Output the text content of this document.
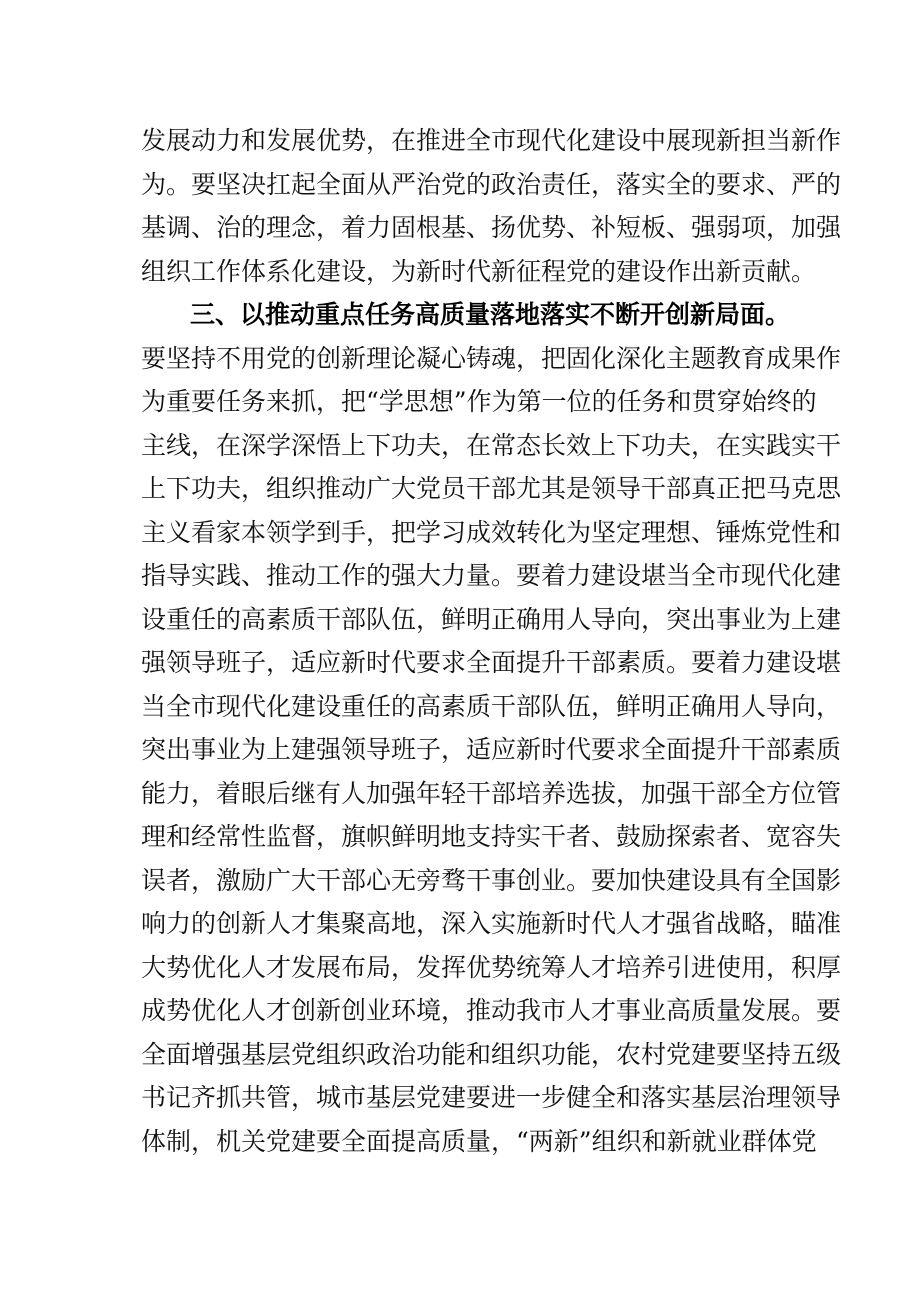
发展动力和发展优势，在推进全市现代化建设中展现新担当新作
为。要坚决扛起全面从严治党的政治责任，落实全的要求、严的
基调、治的理念，着力固根基、扬优势、补短板、强弱项，加强
组织工作体系化建设，为新时代新征程党的建设作出新贡献。
三、以推动重点任务高质量落地落实不断开创新局面。
要坚持不用党的创新理论凝心铸魂，把固化深化主题教育成果作
为重要任务来抓，把“学思想”作为第一位的任务和贯穿始终的
主线，在深学深悟上下功夫，在常态长效上下功夫，在实践实干
上下功夫，组织推动广大党员干部尤其是领导干部真正把马克思
主义看家本领学到手，把学习成效转化为坚定理想、锤炼党性和
指导实践、推动工作的强大力量。要着力建设堪当全市现代化建
设重任的高素质干部队伍，鲜明正确用人导向，突出事业为上建
强领导班子，适应新时代要求全面提升干部素质。要着力建设堪
当全市现代化建设重任的高素质干部队伍，鲜明正确用人导向，
突出事业为上建强领导班子，适应新时代要求全面提升干部素质
能力，着眼后继有人加强年轻干部培养选拔，加强干部全方位管
理和经常性监督，旗帜鲜明地支持实干者、鼓励探索者、宽容失
误者，激励广大干部心无旁骛干事创业。要加快建设具有全国影
响力的创新人才集聚高地，深入实施新时代人才强省战略，瞄准
大势优化人才发展布局，发挥优势统筹人才培养引进使用，积厚
成势优化人才创新创业环境，推动我市人才事业高质量发展。要
全面增强基层党组织政治功能和组织功能，农村党建要坚持五级
书记齐抓共管，城市基层党建要进一步健全和落实基层治理领导
体制，机关党建要全面提高质量，“两新”组织和新就业群体党
